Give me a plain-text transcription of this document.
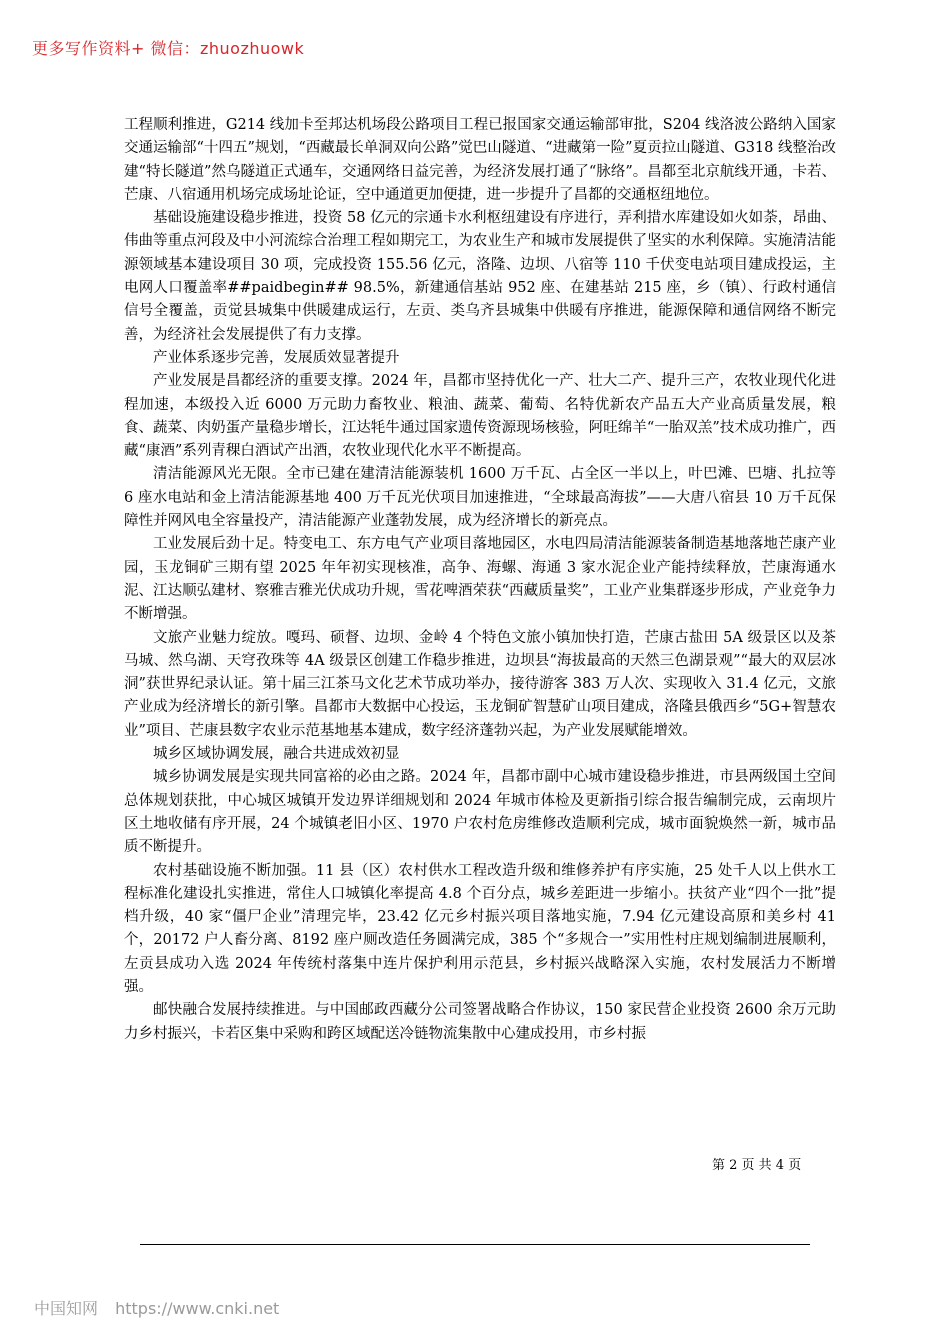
更多写作资料+ 微信：zhuozhuowk

工程顺利推进，G214 线加卡至邦达机场段公路项目工程已报国家交通运输部审批，S204 线洛波公路纳入国家交通运输部“十四五”规划，“西藏最长单洞双向公路”觉巴山隧道、“进藏第一险”夏贡拉山隧道、G318 线整治改建“特长隧道”然乌隧道正式通车，交通网络日益完善，为经济发展打通了“脉络”。昌都至北京航线开通，卡若、芒康、八宿通用机场完成场址论证，空中通道更加便捷，进一步提升了昌都的交通枢纽地位。

基础设施建设稳步推进，投资 58 亿元的宗通卡水利枢纽建设有序进行，弄利措水库建设如火如荼，昂曲、伟曲等重点河段及中小河流综合治理工程如期完工，为农业生产和城市发展提供了坚实的水利保障。实施清洁能源领域基本建设项目 30 项，完成投资 155.56 亿元，洛隆、边坝、八宿等 110 千伏变电站项目建成投运，主电网人口覆盖率##paidbegin## 98.5%，新建通信基站 952 座、在建基站 215 座，乡（镇）、行政村通信信号全覆盖，贡觉县城集中供暖建成运行，左贡、类乌齐县城集中供暖有序推进，能源保障和通信网络不断完善，为经济社会发展提供了有力支撑。

产业体系逐步完善，发展质效显著提升

产业发展是昌都经济的重要支撑。2024 年，昌都市坚持优化一产、壮大二产、提升三产，农牧业现代化进程加速，本级投入近 6000 万元助力畜牧业、粮油、蔬菜、葡萄、名特优新农产品五大产业高质量发展，粮食、蔬菜、肉奶蛋产量稳步增长，江达牦牛通过国家遗传资源现场核验，阿旺绵羊“一胎双羔”技术成功推广，西藏“康酒”系列青稞白酒试产出酒，农牧业现代化水平不断提高。

清洁能源风光无限。全市已建在建清洁能源装机 1600 万千瓦、占全区一半以上，叶巴滩、巴塘、扎拉等 6 座水电站和金上清洁能源基地 400 万千瓦光伏项目加速推进，“全球最高海拔”——大唐八宿县 10 万千瓦保障性并网风电全容量投产，清洁能源产业蓬勃发展，成为经济增长的新亮点。

工业发展后劲十足。特变电工、东方电气产业项目落地园区，水电四局清洁能源装备制造基地落地芒康产业园，玉龙铜矿三期有望 2025 年年初实现核准，高争、海螺、海通 3 家水泥企业产能持续释放，芒康海通水泥、江达顺弘建材、察雅吉雅光伏成功升规，雪花啤酒荣获“西藏质量奖”，工业产业集群逐步形成，产业竞争力不断增强。

文旅产业魅力绽放。嘎玛、硕督、边坝、金岭 4 个特色文旅小镇加快打造，芒康古盐田 5A 级景区以及茶马城、然乌湖、天穹孜珠等 4A 级景区创建工作稳步推进，边坝县“海拔最高的天然三色湖景观”“最大的双层冰洞”获世界纪录认证。第十届三江茶马文化艺术节成功举办，接待游客 383 万人次、实现收入 31.4 亿元，文旅产业成为经济增长的新引擎。昌都市大数据中心投运，玉龙铜矿智慧矿山项目建成，洛隆县俄西乡“5G+智慧农业”项目、芒康县数字农业示范基地基本建成，数字经济蓬勃兴起，为产业发展赋能增效。

城乡区域协调发展，融合共进成效初显

城乡协调发展是实现共同富裕的必由之路。2024 年，昌都市副中心城市建设稳步推进，市县两级国土空间总体规划获批，中心城区城镇开发边界详细规划和 2024 年城市体检及更新指引综合报告编制完成，云南坝片区土地收储有序开展，24 个城镇老旧小区、1970 户农村危房维修改造顺利完成，城市面貌焕然一新，城市品质不断提升。

农村基础设施不断加强。11 县（区）农村供水工程改造升级和维修养护有序实施，25 处千人以上供水工程标准化建设扎实推进，常住人口城镇化率提高 4.8 个百分点，城乡差距进一步缩小。扶贫产业“四个一批”提档升级，40 家“僵尸企业”清理完毕，23.42 亿元乡村振兴项目落地实施，7.94 亿元建设高原和美乡村 41 个，20172 户人畜分离、8192 座户厕改造任务圆满完成，385 个“多规合一”实用性村庄规划编制进展顺利，左贡县成功入选 2024 年传统村落集中连片保护利用示范县，乡村振兴战略深入实施，农村发展活力不断增强。

邮快融合发展持续推进。与中国邮政西藏分公司签署战略合作协议，150 家民营企业投资 2600 余万元助力乡村振兴，卡若区集中采购和跨区域配送冷链物流集散中心建成投用，市乡村振

第 2 页 共 4 页
中国知网 https://www.cnki.net
